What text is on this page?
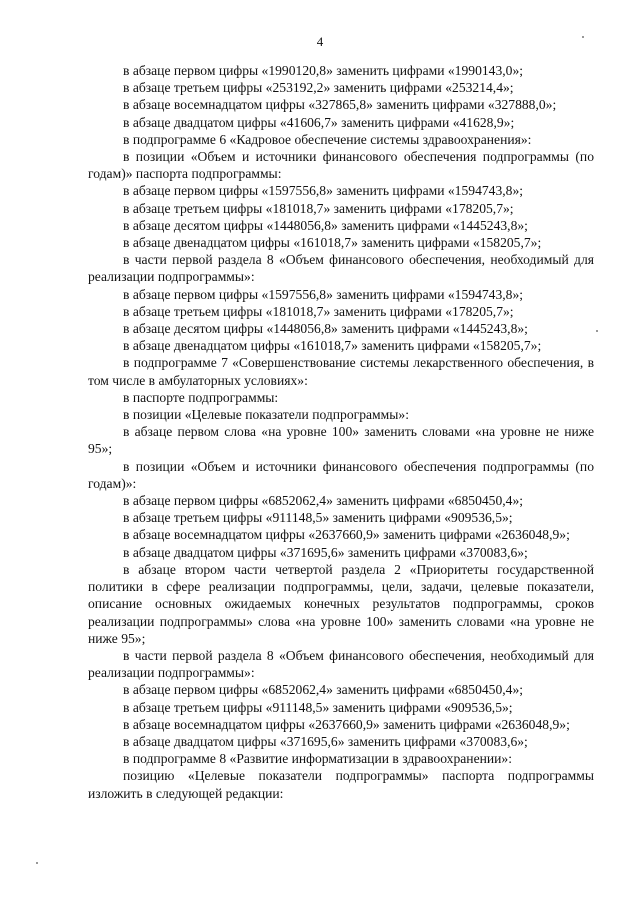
4

в абзаце первом цифры «1990120,8» заменить цифрами «1990143,0»;

в абзаце третьем цифры «253192,2» заменить цифрами «253214,4»;

в абзаце восемнадцатом цифры «327865,8» заменить цифрами «327888,0»;

в абзаце двадцатом цифры «41606,7» заменить цифрами «41628,9»;

в подпрограмме 6 «Кадровое обеспечение системы здравоохранения»:

в позиции «Объем и источники финансового обеспечения подпрограммы (по годам)» паспорта подпрограммы:

в абзаце первом цифры «1597556,8» заменить цифрами «1594743,8»;

в абзаце третьем цифры «181018,7» заменить цифрами «178205,7»;

в абзаце десятом цифры «1448056,8» заменить цифрами «1445243,8»;

в абзаце двенадцатом цифры «161018,7» заменить цифрами «158205,7»;

в части первой раздела 8 «Объем финансового обеспечения, необходимый для реализации подпрограммы»:

в абзаце первом цифры «1597556,8» заменить цифрами «1594743,8»;

в абзаце третьем цифры «181018,7» заменить цифрами «178205,7»;

в абзаце десятом цифры «1448056,8» заменить цифрами «1445243,8»;

в абзаце двенадцатом цифры «161018,7» заменить цифрами «158205,7»;

в подпрограмме 7 «Совершенствование системы лекарственного обеспечения, в том числе в амбулаторных условиях»:

в паспорте подпрограммы:

в позиции «Целевые показатели подпрограммы»:

в абзаце первом слова «на уровне 100» заменить словами «на уровне не ниже 95»;

в позиции «Объем и источники финансового обеспечения подпрограммы (по годам)»:

в абзаце первом цифры «6852062,4» заменить цифрами «6850450,4»;

в абзаце третьем цифры «911148,5» заменить цифрами «909536,5»;

в абзаце восемнадцатом цифры «2637660,9» заменить цифрами «2636048,9»;

в абзаце двадцатом цифры «371695,6» заменить цифрами «370083,6»;

в абзаце втором части четвертой раздела 2 «Приоритеты государственной политики в сфере реализации подпрограммы, цели, задачи, целевые показатели, описание основных ожидаемых конечных результатов подпрограммы, сроков реализации подпрограммы» слова «на уровне 100» заменить словами «на уровне не ниже 95»;

в части первой раздела 8 «Объем финансового обеспечения, необходимый для реализации подпрограммы»:

в абзаце первом цифры «6852062,4» заменить цифрами «6850450,4»;

в абзаце третьем цифры «911148,5» заменить цифрами «909536,5»;

в абзаце восемнадцатом цифры «2637660,9» заменить цифрами «2636048,9»;

в абзаце двадцатом цифры «371695,6» заменить цифрами «370083,6»;

в подпрограмме 8 «Развитие информатизации в здравоохранении»:

позицию «Целевые показатели подпрограммы» паспорта подпрограммы изложить в следующей редакции:
